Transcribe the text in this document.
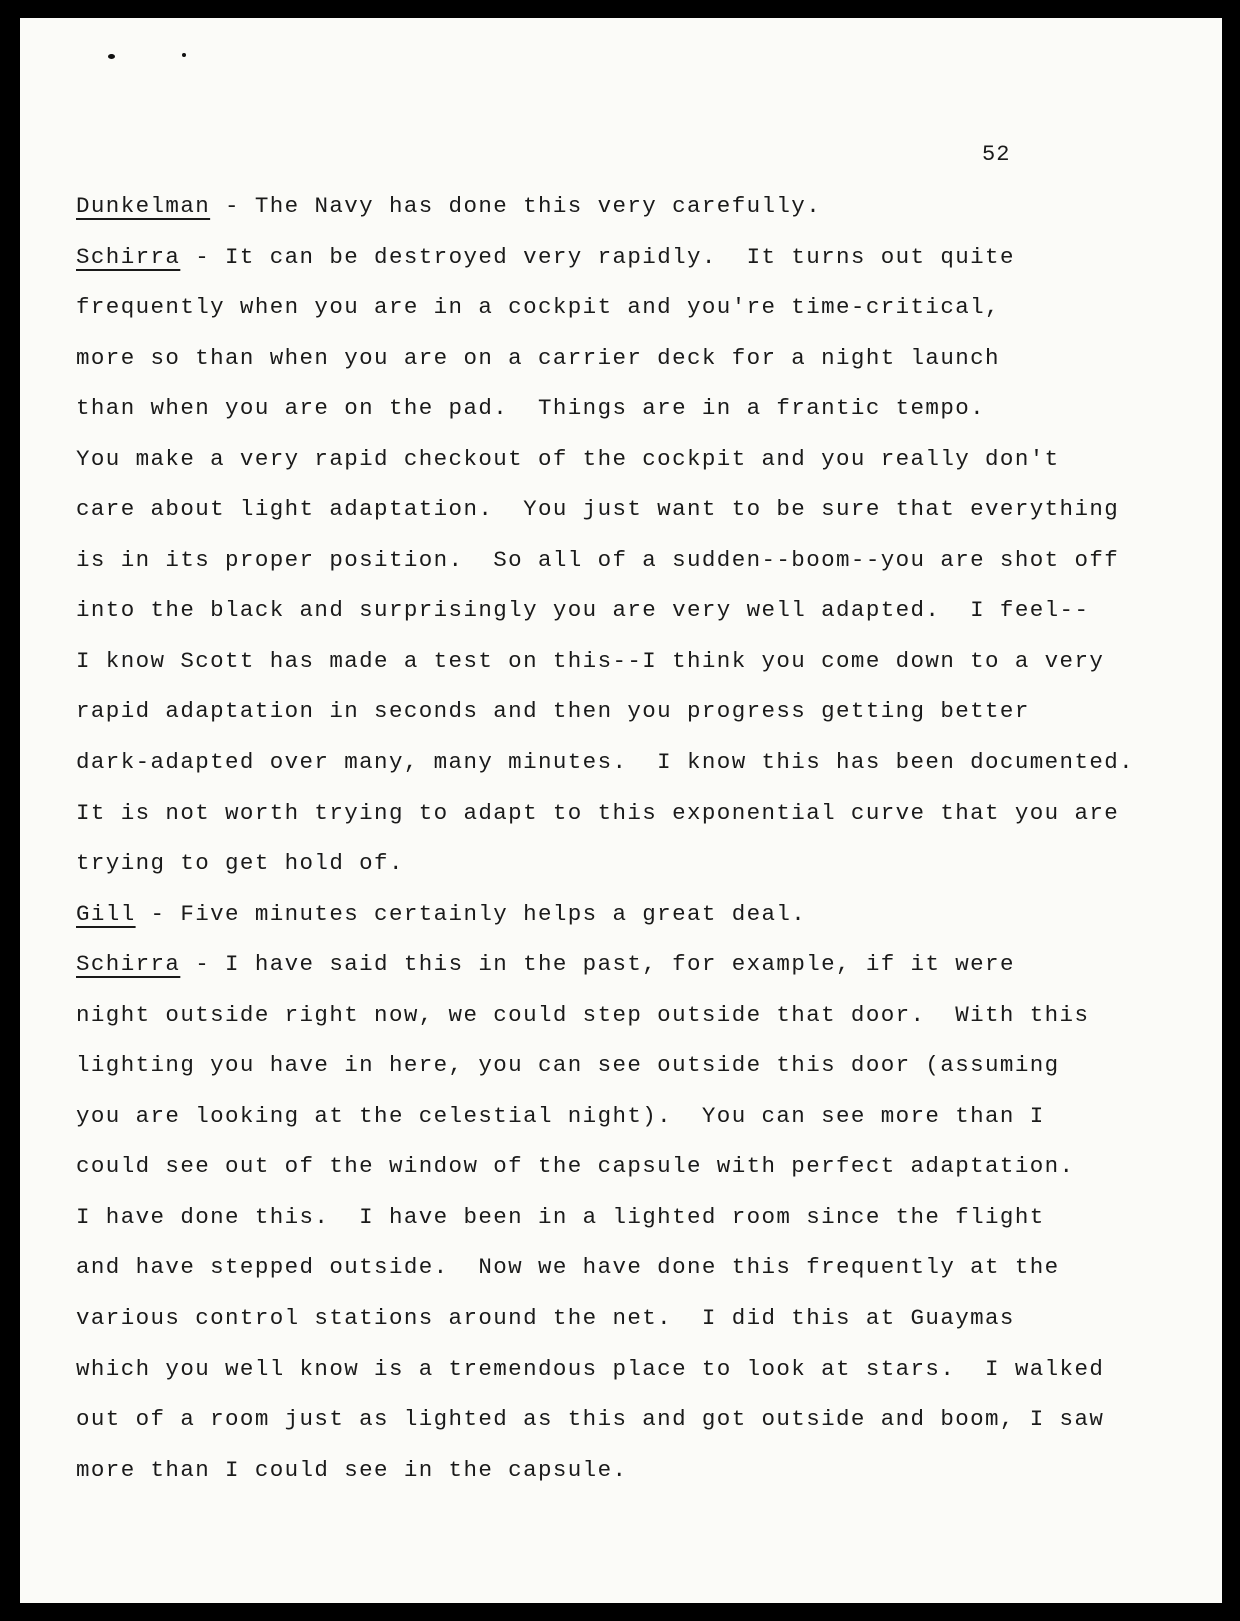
52
Dunkelman - The Navy has done this very carefully.
Schirra - It can be destroyed very rapidly.  It turns out quite
frequently when you are in a cockpit and you're time-critical,
more so than when you are on a carrier deck for a night launch
than when you are on the pad.  Things are in a frantic tempo.
You make a very rapid checkout of the cockpit and you really don't
care about light adaptation.  You just want to be sure that everything
is in its proper position.  So all of a sudden--boom--you are shot off
into the black and surprisingly you are very well adapted.  I feel--
I know Scott has made a test on this--I think you come down to a very
rapid adaptation in seconds and then you progress getting better
dark-adapted over many, many minutes.  I know this has been documented.
It is not worth trying to adapt to this exponential curve that you are
trying to get hold of.
Gill - Five minutes certainly helps a great deal.
Schirra - I have said this in the past, for example, if it were
night outside right now, we could step outside that door.  With this
lighting you have in here, you can see outside this door (assuming
you are looking at the celestial night).  You can see more than I
could see out of the window of the capsule with perfect adaptation.
I have done this.  I have been in a lighted room since the flight
and have stepped outside.  Now we have done this frequently at the
various control stations around the net.  I did this at Guaymas
which you well know is a tremendous place to look at stars.  I walked
out of a room just as lighted as this and got outside and boom, I saw
more than I could see in the capsule.
